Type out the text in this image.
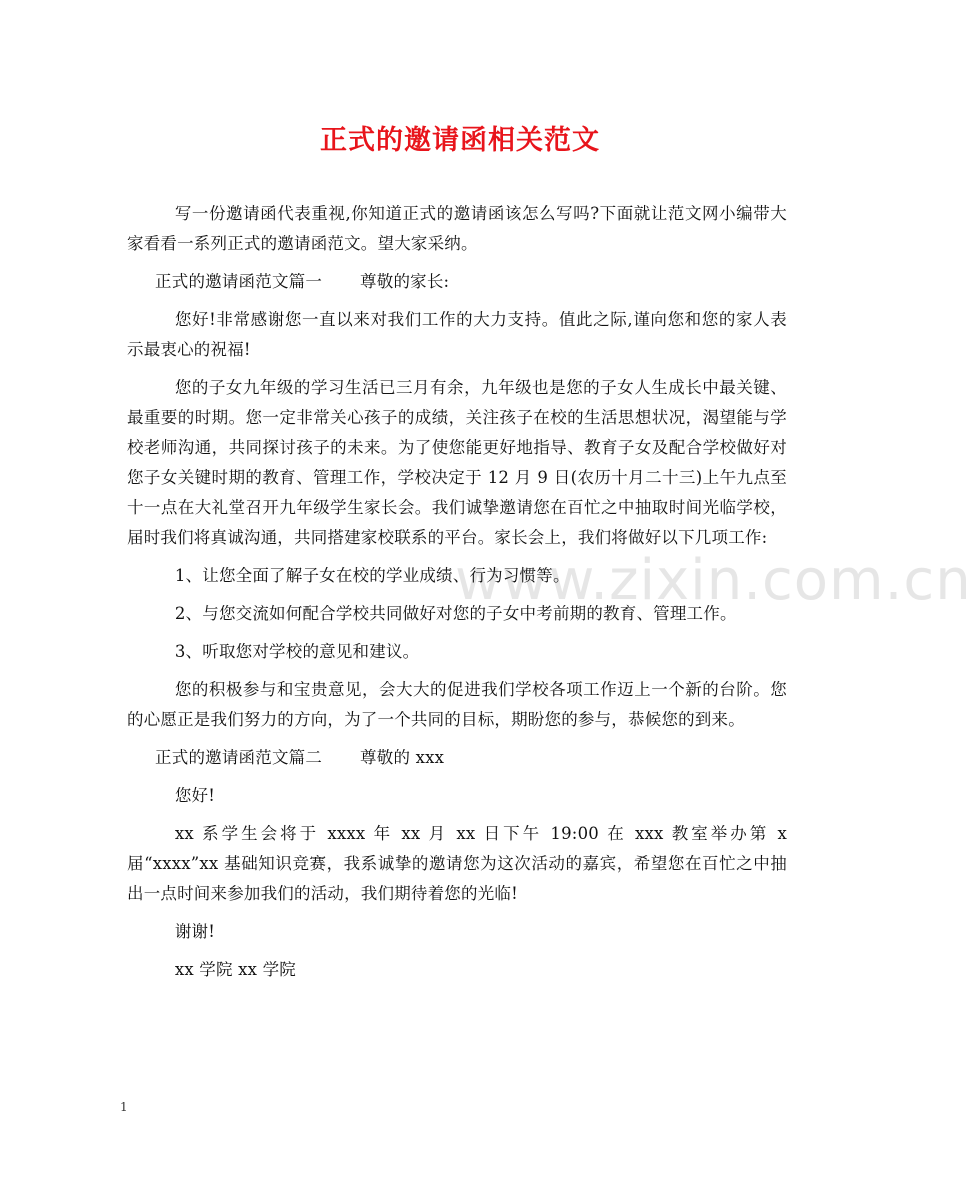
www.zixin.com.cn
正式的邀请函相关范文

写一份邀请函代表重视,你知道正式的邀请函该怎么写吗?下面就让范文网小编带大家看看一系列正式的邀请函范文。望大家采纳。

正式的邀请函范文篇一 尊敬的家长:

您好!非常感谢您一直以来对我们工作的大力支持。值此之际,谨向您和您的家人表示最衷心的祝福!

您的子女九年级的学习生活已三月有余，九年级也是您的子女人生成长中最关键、最重要的时期。您一定非常关心孩子的成绩，关注孩子在校的生活思想状况，渴望能与学校老师沟通，共同探讨孩子的未来。为了使您能更好地指导、教育子女及配合学校做好对您子女关键时期的教育、管理工作，学校决定于 12 月 9 日(农历十月二十三)上午九点至十一点在大礼堂召开九年级学生家长会。我们诚挚邀请您在百忙之中抽取时间光临学校，届时我们将真诚沟通，共同搭建家校联系的平台。家长会上，我们将做好以下几项工作:

1、让您全面了解子女在校的学业成绩、行为习惯等。

2、与您交流如何配合学校共同做好对您的子女中考前期的教育、管理工作。

3、听取您对学校的意见和建议。

您的积极参与和宝贵意见，会大大的促进我们学校各项工作迈上一个新的台阶。您的心愿正是我们努力的方向，为了一个共同的目标，期盼您的参与，恭候您的到来。

正式的邀请函范文篇二 尊敬的 xxx

您好!

xx 系学生会将于 xxxx 年 xx 月 xx 日下午 19:00 在 xxx 教室举办第 x 届“xxxx”xx 基础知识竞赛，我系诚挚的邀请您为这次活动的嘉宾，希望您在百忙之中抽出一点时间来参加我们的活动，我们期待着您的光临!

谢谢!

xx 学院 xx 学院

1
